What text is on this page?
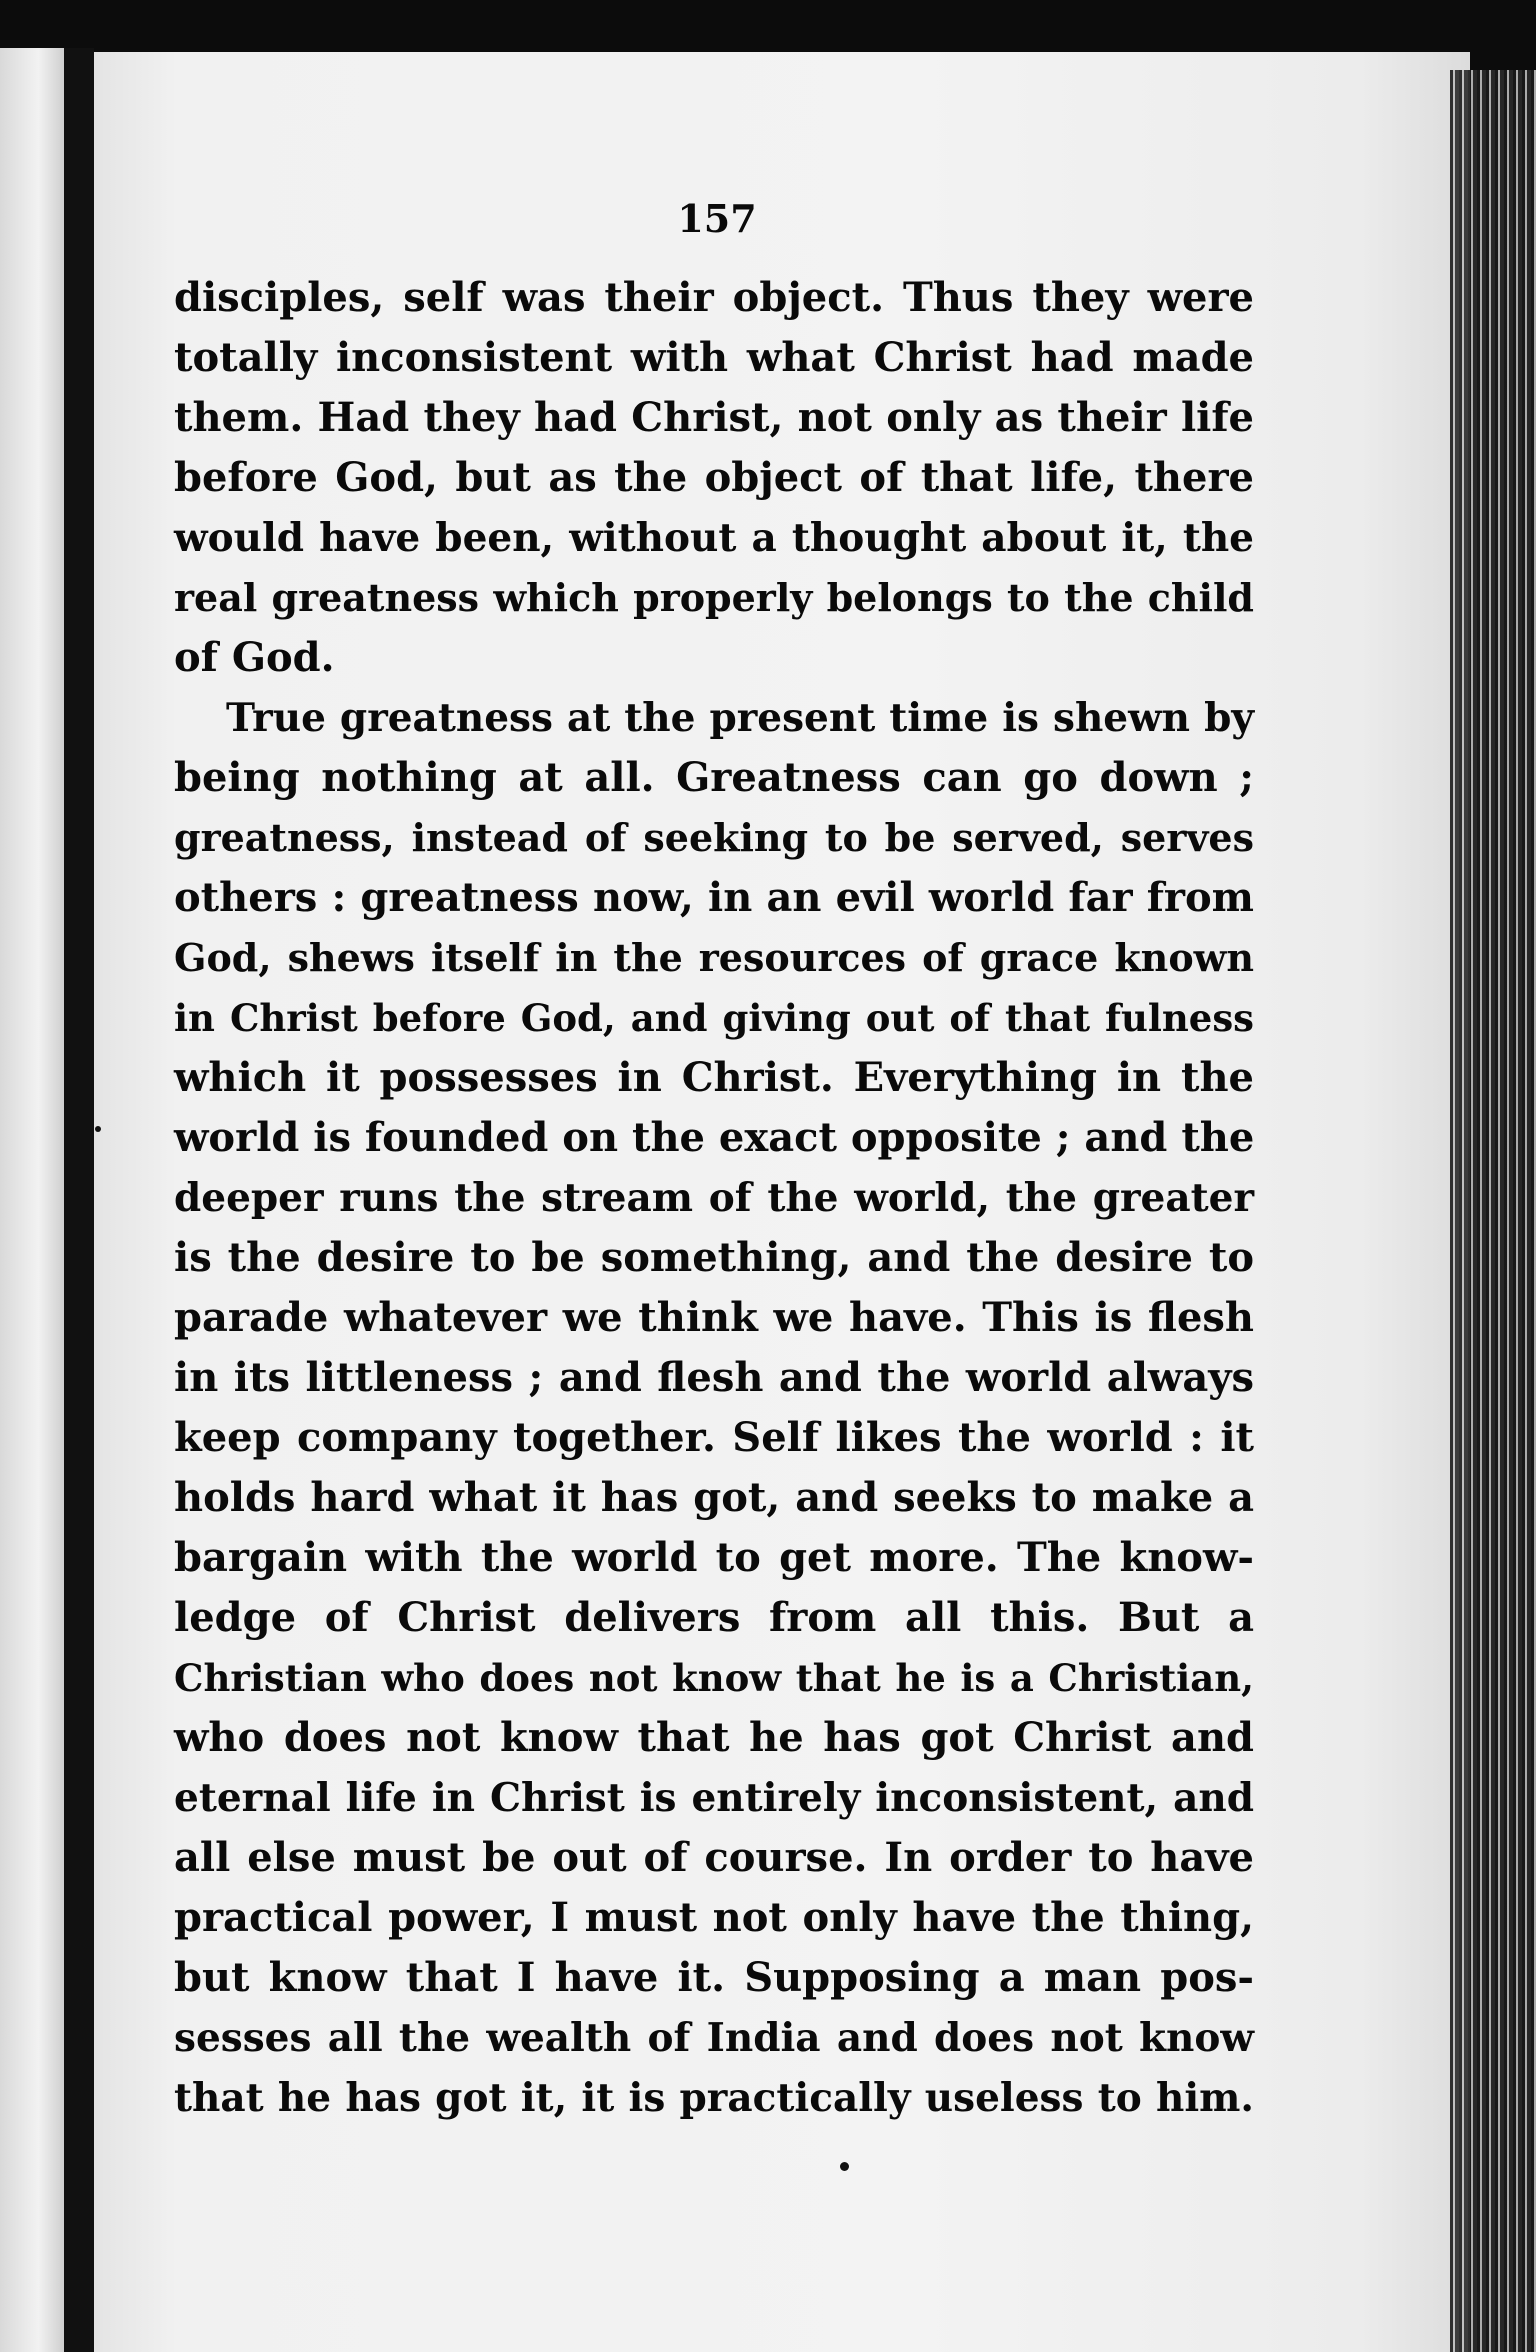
157
disciples, self was their object. Thus they were
totally inconsistent with what Christ had made
them. Had they had Christ, not only as their life
before God, but as the object of that life, there
would have been, without a thought about it, the
real greatness which properly belongs to the child
of God.
True greatness at the present time is shewn by
being nothing at all. Greatness can go down ;
greatness, instead of seeking to be served, serves
others : greatness now, in an evil world far from
God, shews itself in the resources of grace known
in Christ before God, and giving out of that fulness
which it possesses in Christ. Everything in the
world is founded on the exact opposite ; and the
deeper runs the stream of the world, the greater
is the desire to be something, and the desire to
parade whatever we think we have. This is flesh
in its littleness ; and flesh and the world always
keep company together. Self likes the world : it
holds hard what it has got, and seeks to make a
bargain with the world to get more. The know-
ledge of Christ delivers from all this. But a
Christian who does not know that he is a Christian,
who does not know that he has got Christ and
eternal life in Christ is entirely inconsistent, and
all else must be out of course. In order to have
practical power, I must not only have the thing,
but know that I have it. Supposing a man pos-
sesses all the wealth of India and does not know
that he has got it, it is practically useless to him.
